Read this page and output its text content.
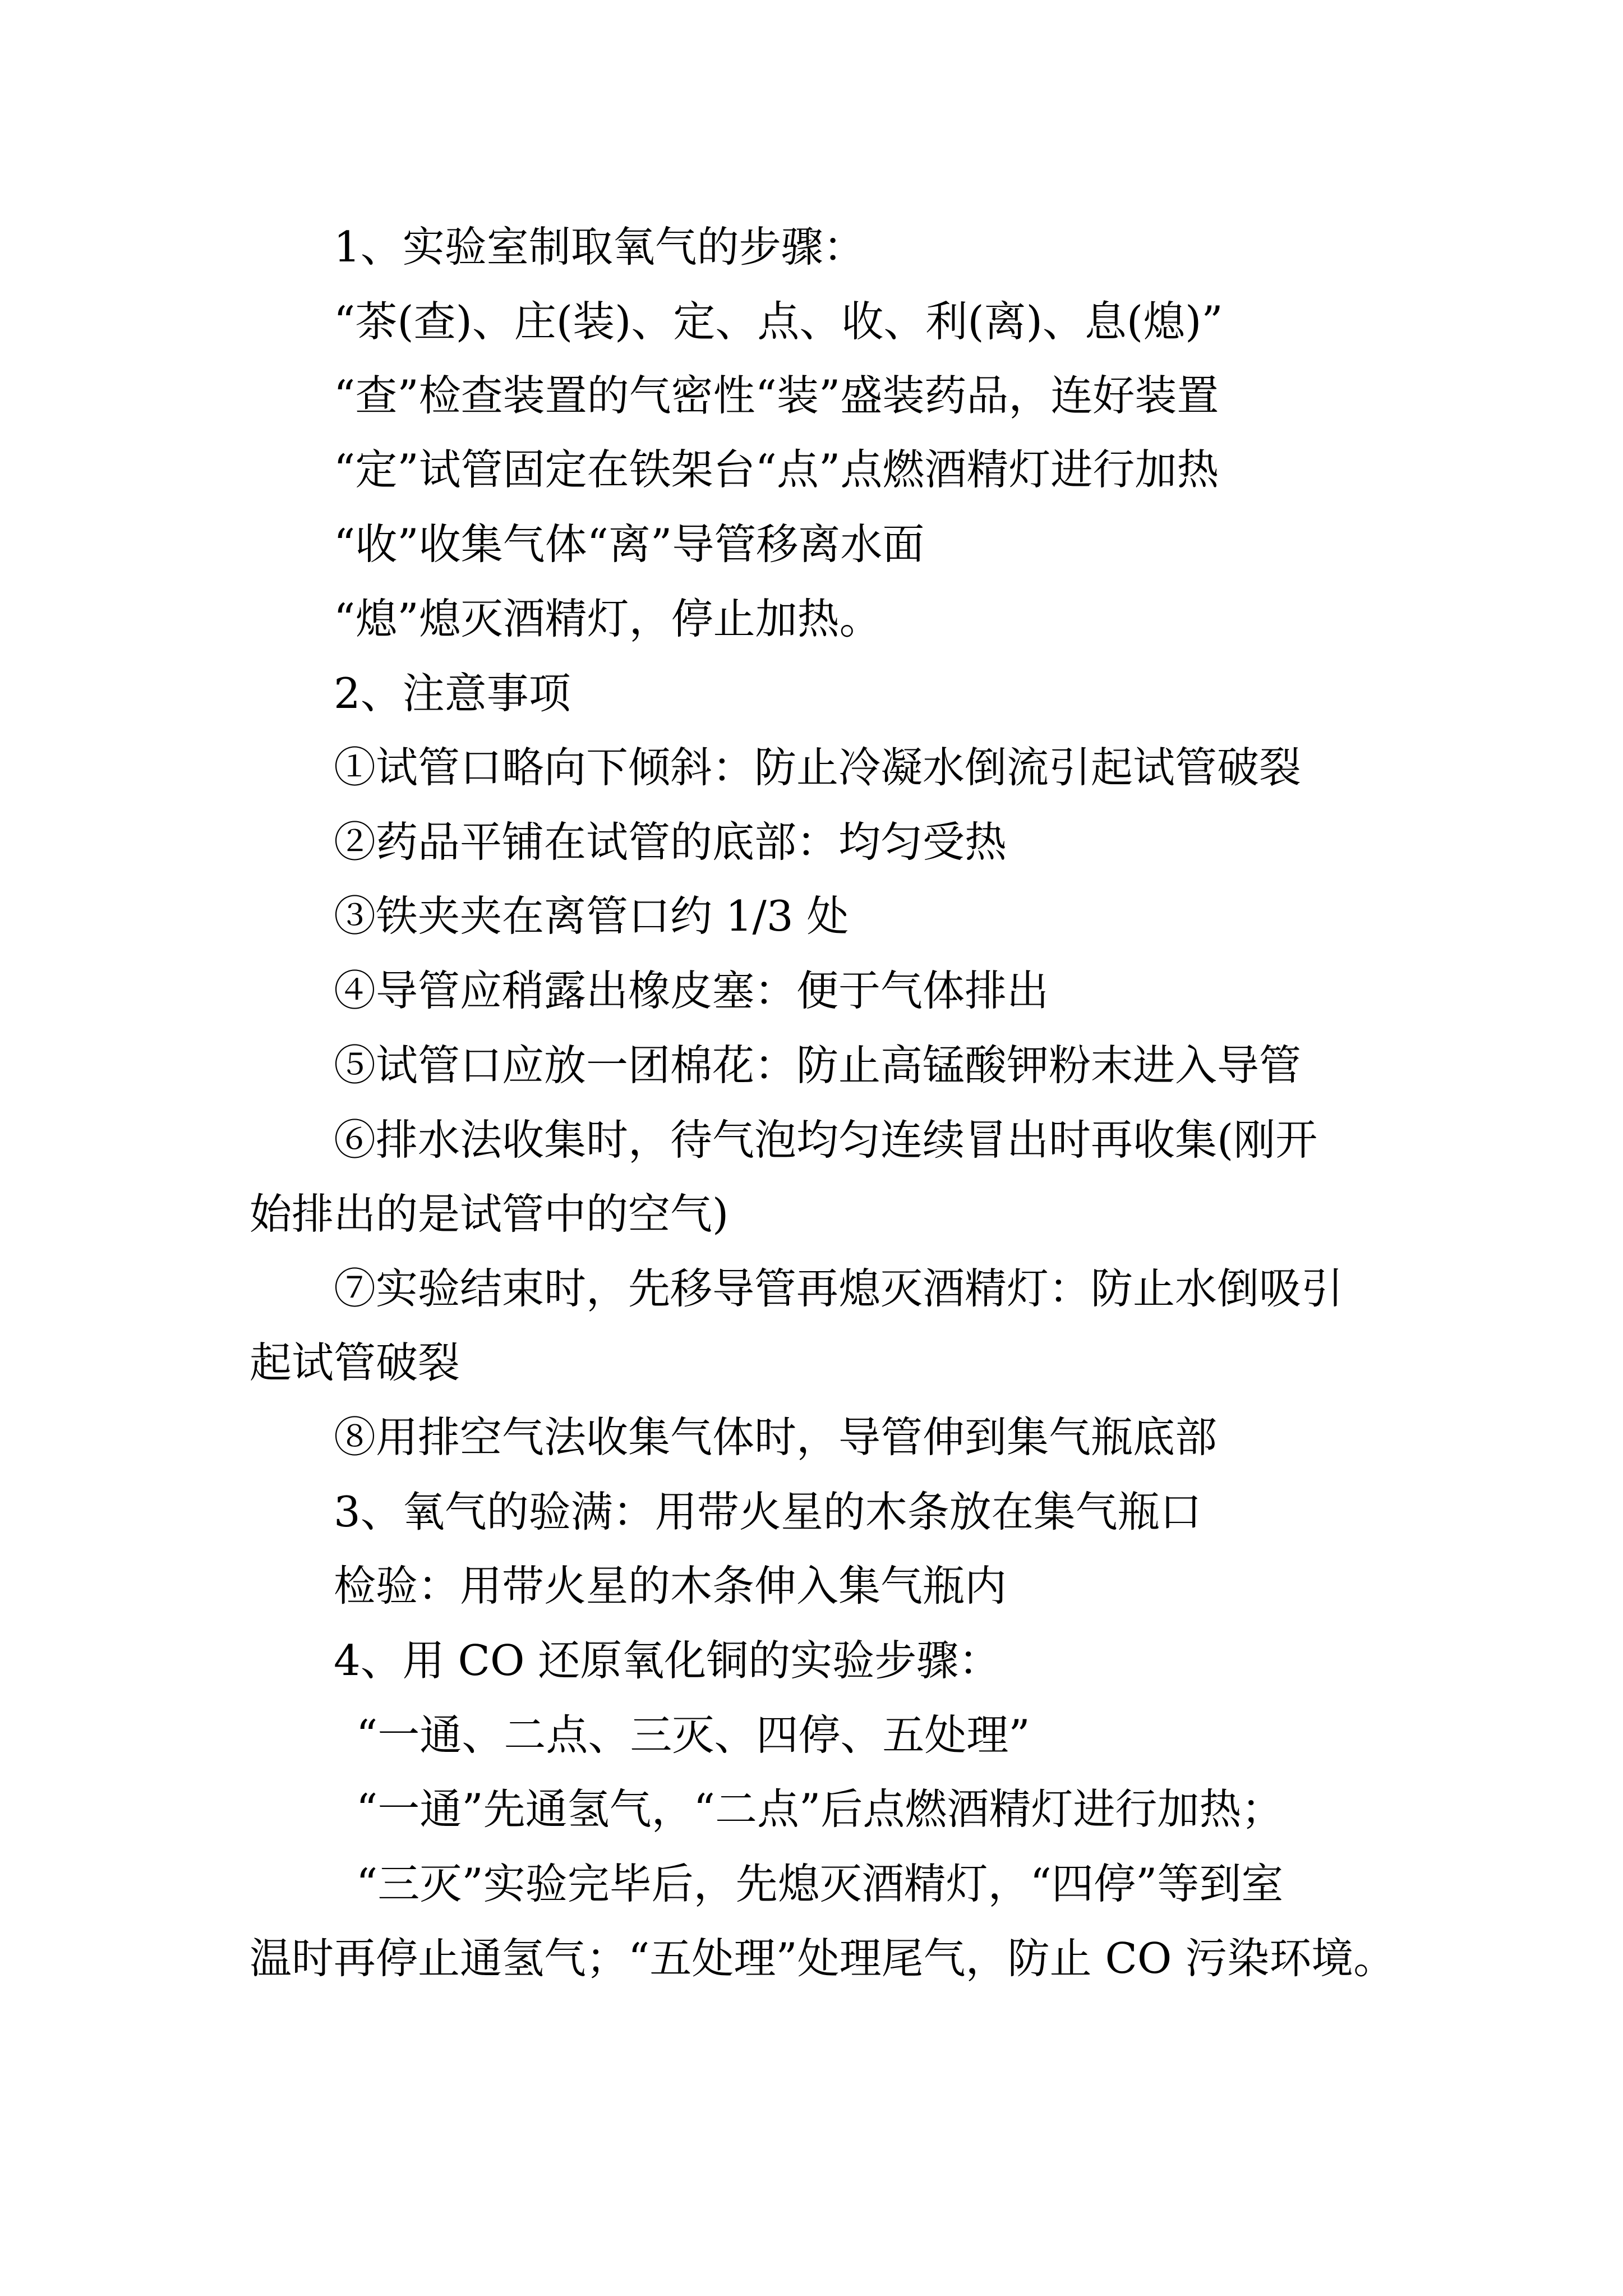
1、实验室制取氧气的步骤：

“茶(查)、庄(装)、定、点、收、利(离)、息(熄)”

“查”检查装置的气密性“装”盛装药品，连好装置

“定”试管固定在铁架台“点”点燃酒精灯进行加热

“收”收集气体“离”导管移离水面

“熄”熄灭酒精灯，停止加热。

2、注意事项

①试管口略向下倾斜：防止冷凝水倒流引起试管破裂

②药品平铺在试管的底部：均匀受热

③铁夹夹在离管口约 1/3 处

④导管应稍露出橡皮塞：便于气体排出

⑤试管口应放一团棉花：防止高锰酸钾粉末进入导管

⑥排水法收集时，待气泡均匀连续冒出时再收集(刚开

始排出的是试管中的空气)

⑦实验结束时，先移导管再熄灭酒精灯：防止水倒吸引

起试管破裂

⑧用排空气法收集气体时，导管伸到集气瓶底部

3、氧气的验满：用带火星的木条放在集气瓶口

检验：用带火星的木条伸入集气瓶内

4、用 CO 还原氧化铜的实验步骤：

“一通、二点、三灭、四停、五处理”

“一通”先通氢气，“二点”后点燃酒精灯进行加热；

“三灭”实验完毕后，先熄灭酒精灯，“四停”等到室

温时再停止通氢气；“五处理”处理尾气，防止 CO 污染环境。
